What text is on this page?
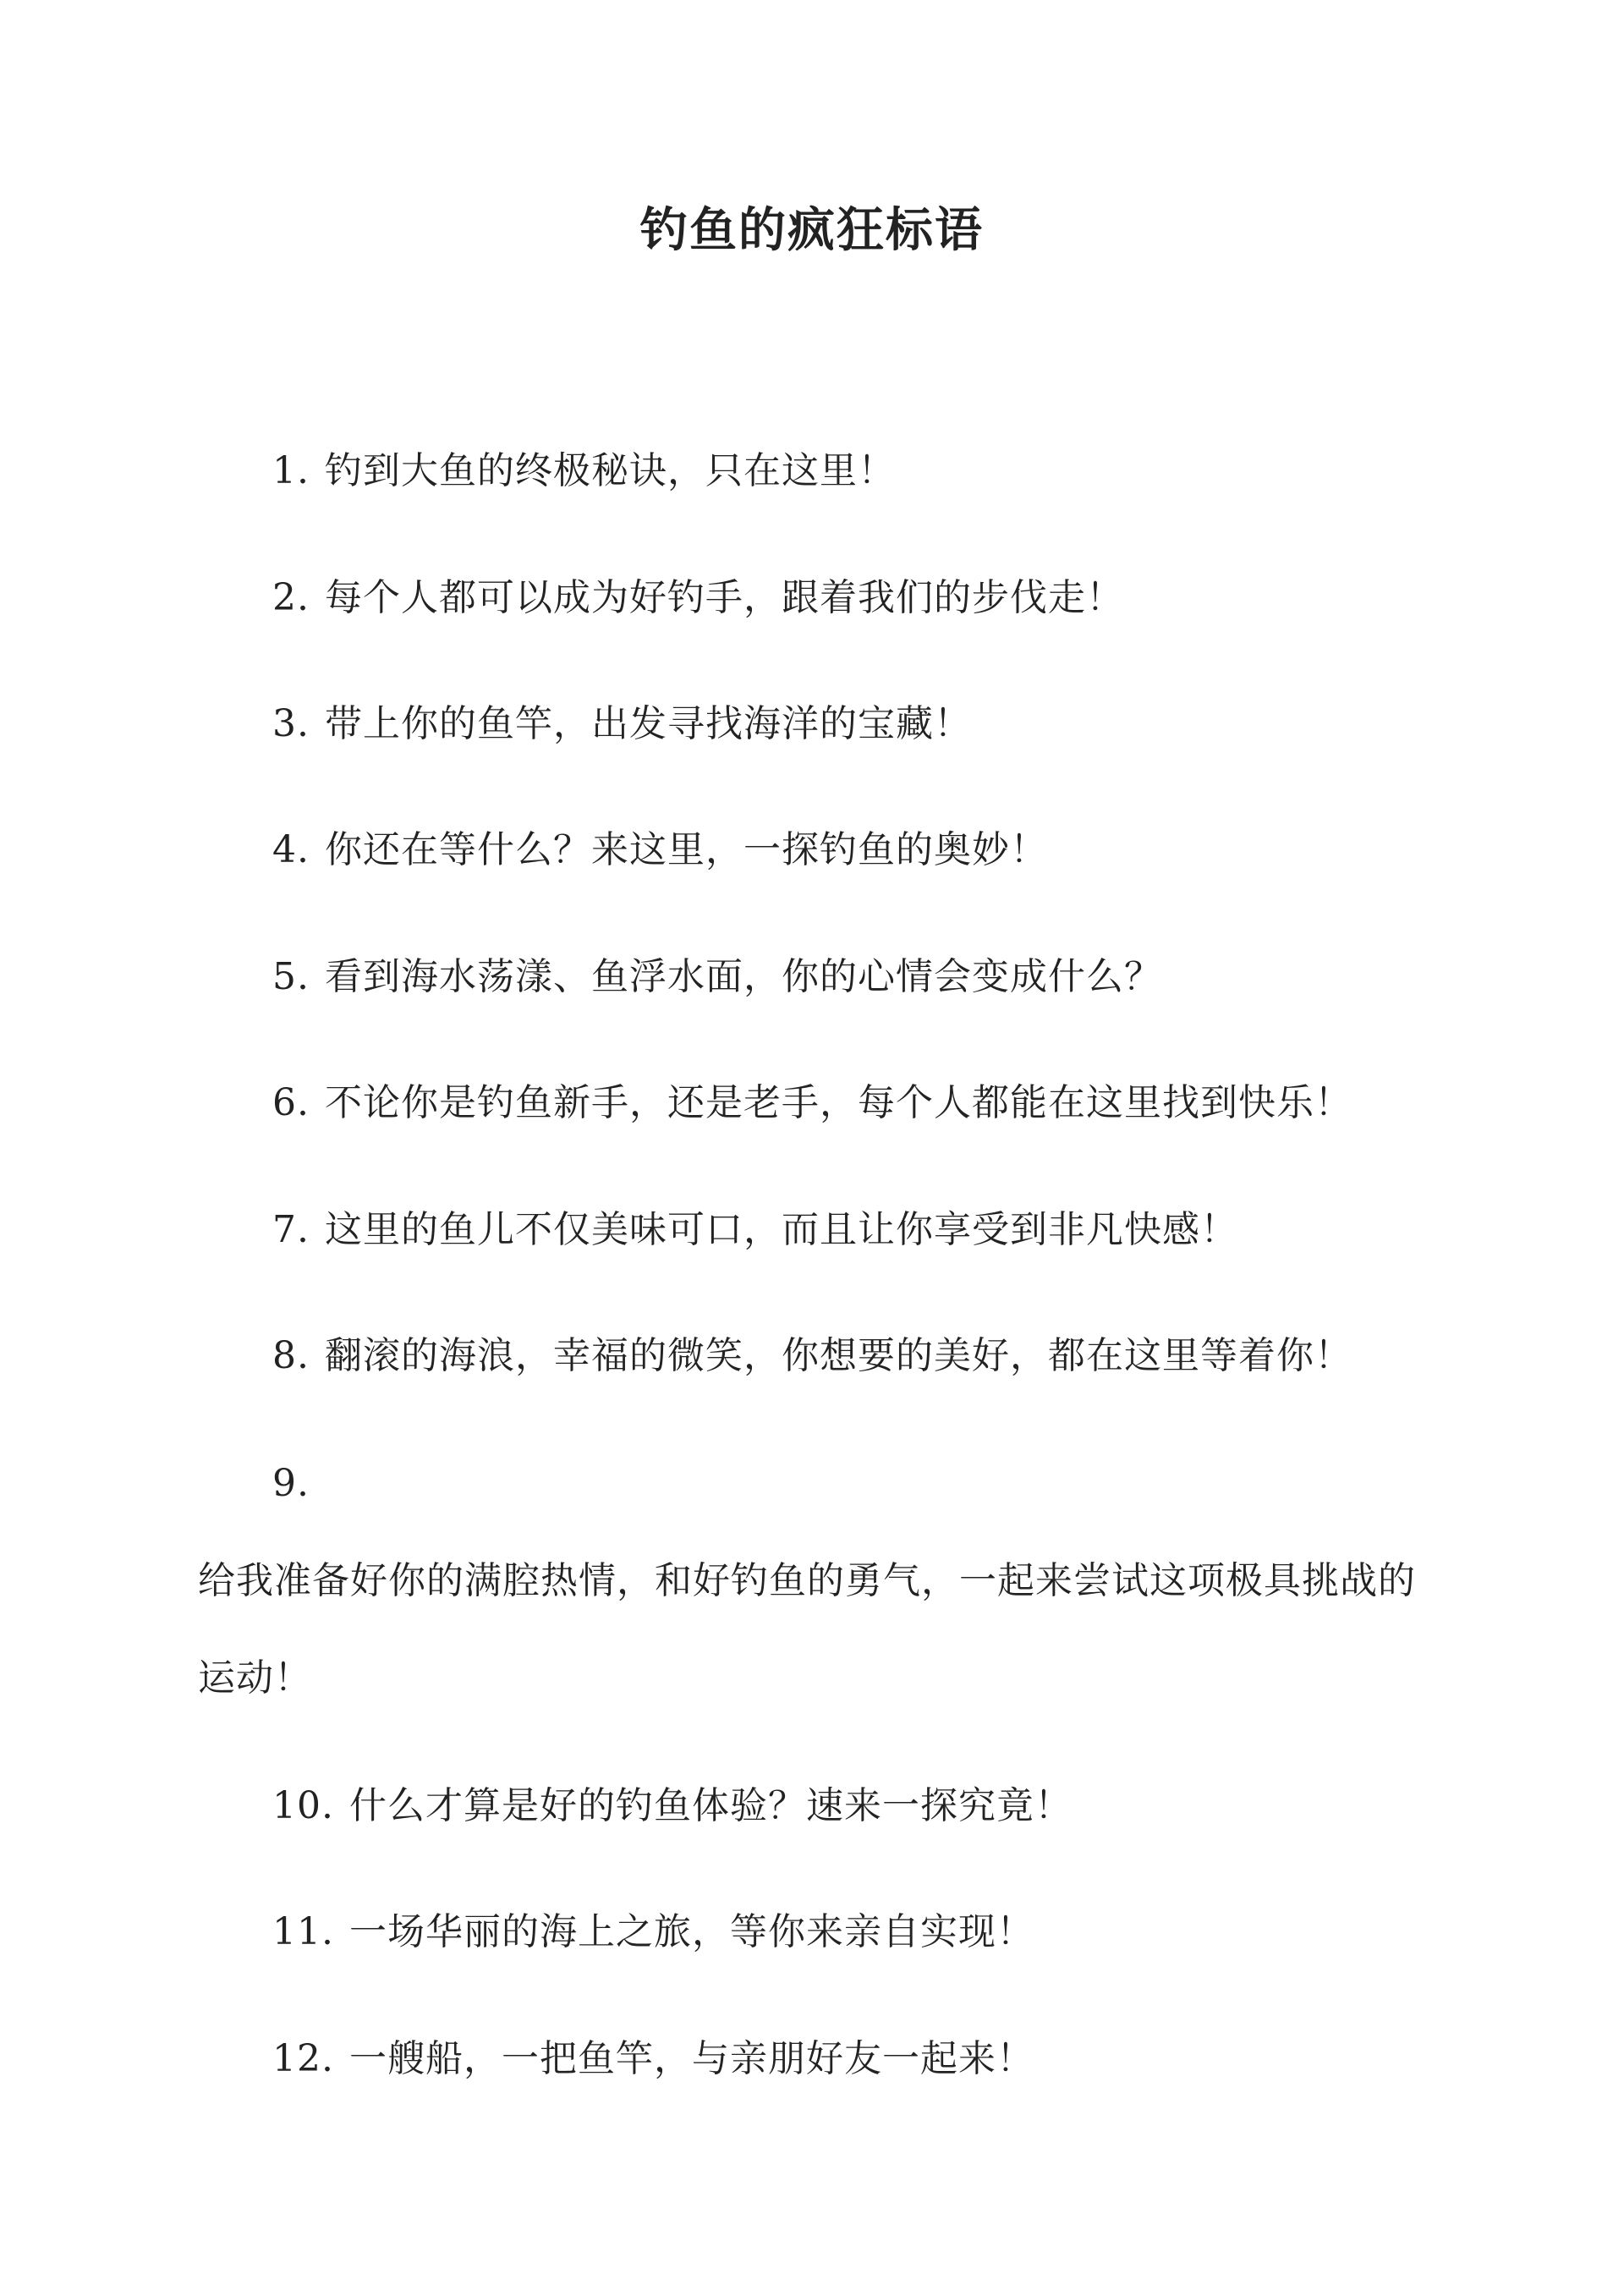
钓鱼的疯狂标语
1. 钓到大鱼的终极秘诀，只在这里！
2. 每个人都可以成为好钓手，跟着我们的步伐走！
3. 带上你的鱼竿，出发寻找海洋的宝藏！
4. 你还在等什么？来这里，一探钓鱼的奥妙！
5. 看到海水荡漾、鱼浮水面，你的心情会变成什么？
6. 不论你是钓鱼新手，还是老手，每个人都能在这里找到快乐！
7. 这里的鱼儿不仅美味可口，而且让你享受到非凡快感！
8. 翻滚的海浪，幸福的微笑，你想要的美好，都在这里等着你！
9.
给我准备好你的满腔热情，和好钓鱼的勇气，一起来尝试这项极具挑战的
运动！
10. 什么才算是好的钓鱼体验？速来一探究竟！
11. 一场华丽的海上之旅，等你来亲自实现！
12. 一艘船，一把鱼竿，与亲朋好友一起来！
